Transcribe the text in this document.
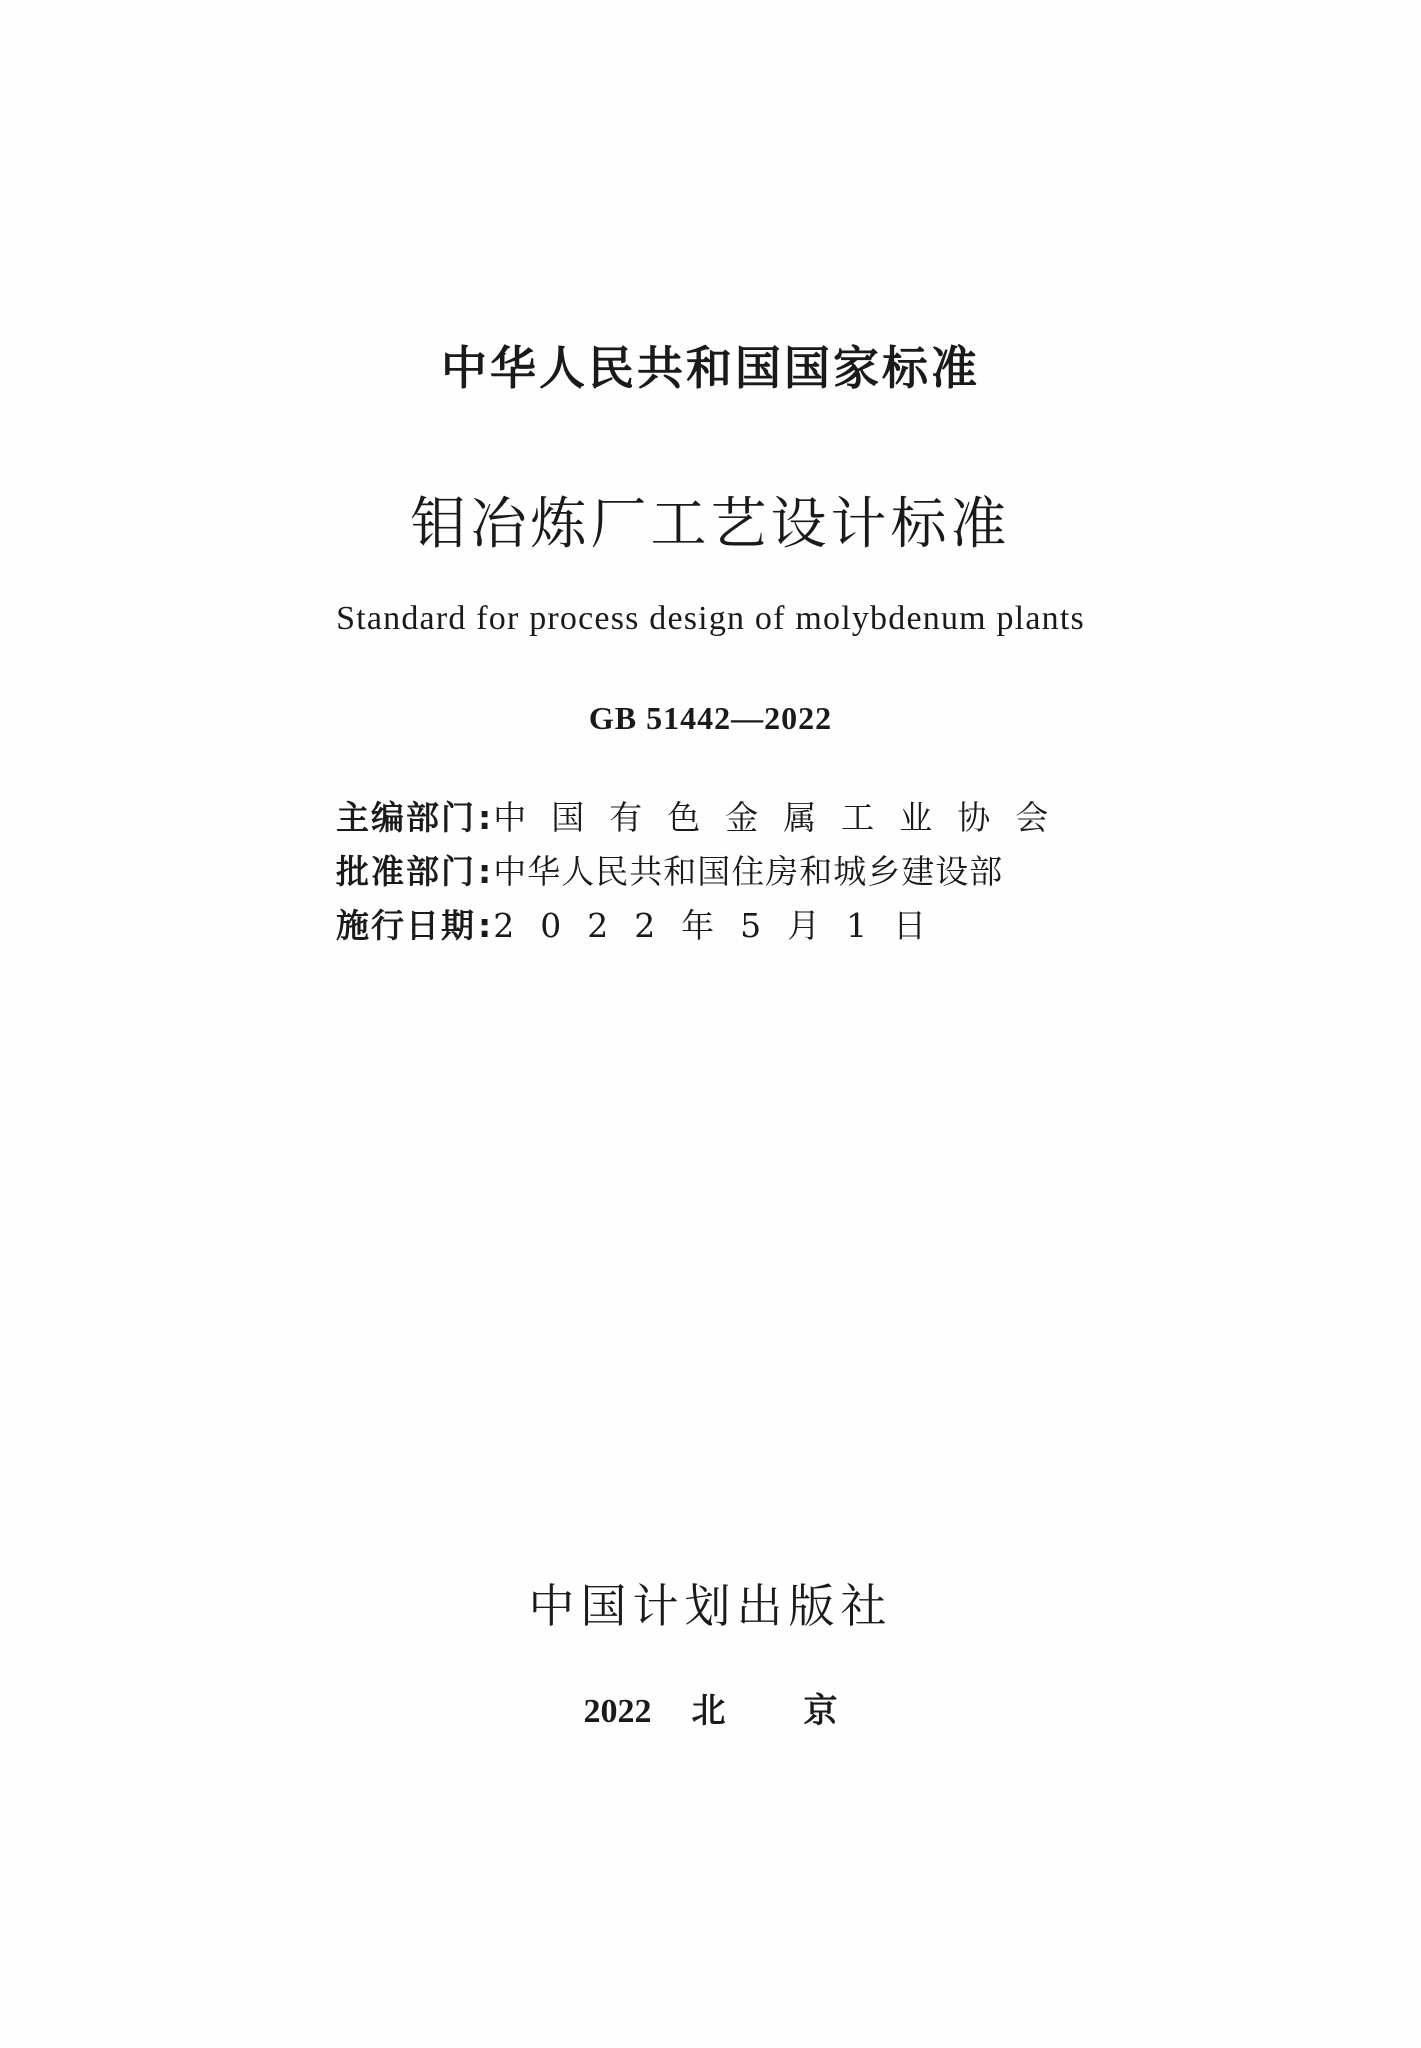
中华人民共和国国家标准
钼冶炼厂工艺设计标准
Standard for process design of molybdenum plants
GB 51442—2022
主编部门 : 中国有色金属工业协会
批准部门 : 中华人民共和国住房和城乡建设部
施行日期 : 2022年5月1日
中国计划出版社
2022 北京
